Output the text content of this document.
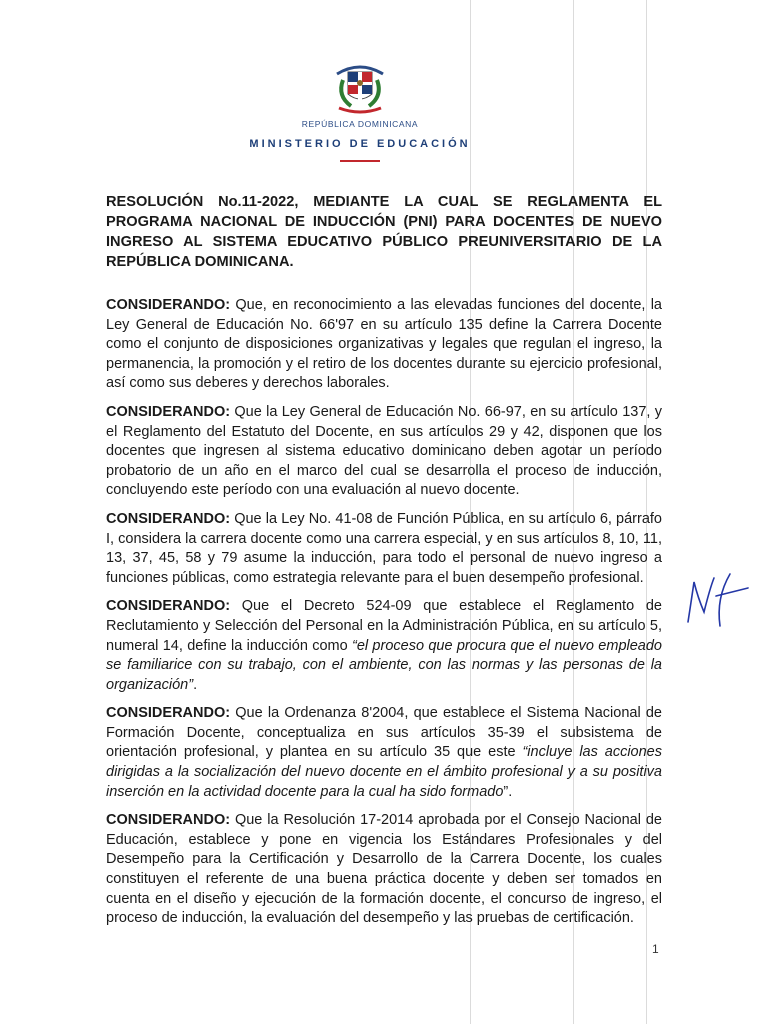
REPÚBLICA DOMINICANA
MINISTERIO DE EDUCACIÓN
RESOLUCIÓN No.11-2022, MEDIANTE LA CUAL SE REGLAMENTA EL PROGRAMA NACIONAL DE INDUCCIÓN (PNI) PARA DOCENTES DE NUEVO INGRESO AL SISTEMA EDUCATIVO PÚBLICO PREUNIVERSITARIO DE LA REPÚBLICA DOMINICANA.

CONSIDERANDO: Que, en reconocimiento a las elevadas funciones del docente, la Ley General de Educación No. 66'97 en su artículo 135 define la Carrera Docente como el conjunto de disposiciones organizativas y legales que regulan el ingreso, la permanencia, la promoción y el retiro de los docentes durante su ejercicio profesional, así como sus deberes y derechos laborales.

CONSIDERANDO: Que la Ley General de Educación No. 66-97, en su artículo 137, y el Reglamento del Estatuto del Docente, en sus artículos 29 y 42, disponen que los docentes que ingresen al sistema educativo dominicano deben agotar un período probatorio de un año en el marco del cual se desarrolla el proceso de inducción, concluyendo este período con una evaluación al nuevo docente.

CONSIDERANDO: Que la Ley No. 41-08 de Función Pública, en su artículo 6, párrafo I, considera la carrera docente como una carrera especial, y en sus artículos 8, 10, 11, 13, 37, 45, 58 y 79 asume la inducción, para todo el personal de nuevo ingreso a funciones públicas, como estrategia relevante para el buen desempeño profesional.

CONSIDERANDO: Que el Decreto 524-09 que establece el Reglamento de Reclutamiento y Selección del Personal en la Administración Pública, en su artículo 5, numeral 14, define la inducción como “el proceso que procura que el nuevo empleado se familiarice con su trabajo, con el ambiente, con las normas y las personas de la organización”.

CONSIDERANDO: Que la Ordenanza 8'2004, que establece el Sistema Nacional de Formación Docente, conceptualiza en sus artículos 35-39 el subsistema de orientación profesional, y plantea en su artículo 35 que este “incluye las acciones dirigidas a la socialización del nuevo docente en el ámbito profesional y a su positiva inserción en la actividad docente para la cual ha sido formado”.

CONSIDERANDO: Que la Resolución 17-2014 aprobada por el Consejo Nacional de Educación, establece y pone en vigencia los Estándares Profesionales y del Desempeño para la Certificación y Desarrollo de la Carrera Docente, los cuales constituyen el referente de una buena práctica docente y deben ser tomados en cuenta en el diseño y ejecución de la formación docente, el concurso de ingreso, el proceso de inducción, la evaluación del desempeño y las pruebas de certificación.

1
